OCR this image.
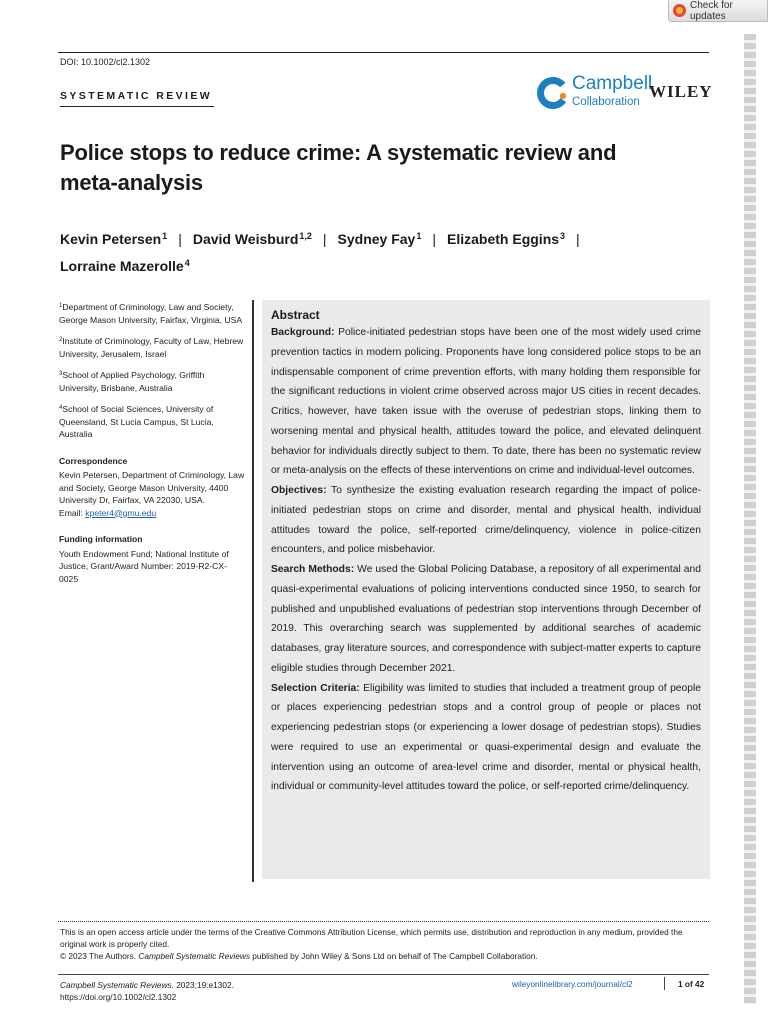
Check for updates
DOI: 10.1002/cl2.1302
SYSTEMATIC REVIEW
Campbell
Collaboration
WILEY
Police stops to reduce crime: A systematic review and meta-analysis
Kevin Petersen$^1$ | David Weisburd$^{1,2}$ | Sydney Fay$^1$ | Elizabeth Eggins$^3$ |
Lorraine Mazerolle$^4$

$^1$Department of Criminology, Law and Society, George Mason University, Fairfax, Virginia, USA

$^2$Institute of Criminology, Faculty of Law, Hebrew University, Jerusalem, Israel

$^3$School of Applied Psychology, Griffith University, Brisbane, Australia

$^4$School of Social Sciences, University of Queensland, St Lucia Campus, St Lucia, Australia

Correspondence

Kevin Petersen, Department of Criminology, Law and Society, George Mason University, 4400 University Dr, Fairfax, VA 22030, USA.
Email: kpeter4@gmu.edu

Funding information

Youth Endowment Fund; National Institute of Justice, Grant/Award Number: 2019-R2-CX-0025

Abstract

Background: Police-initiated pedestrian stops have been one of the most widely used crime prevention tactics in modern policing. Proponents have long considered police stops to be an indispensable component of crime prevention efforts, with many holding them responsible for the significant reductions in violent crime observed across major US cities in recent decades. Critics, however, have taken issue with the overuse of pedestrian stops, linking them to worsening mental and physical health, attitudes toward the police, and elevated delinquent behavior for individuals directly subject to them. To date, there has been no systematic review or meta-analysis on the effects of these interventions on crime and individual-level outcomes.

Objectives: To synthesize the existing evaluation research regarding the impact of police-initiated pedestrian stops on crime and disorder, mental and physical health, individual attitudes toward the police, self-reported crime/delinquency, violence in police-citizen encounters, and police misbehavior.

Search Methods: We used the Global Policing Database, a repository of all experimental and quasi-experimental evaluations of policing interventions conducted since 1950, to search for published and unpublished evaluations of pedestrian stop interventions through December of 2019. This overarching search was supplemented by additional searches of academic databases, gray literature sources, and correspondence with subject-matter experts to capture eligible studies through December 2021.

Selection Criteria: Eligibility was limited to studies that included a treatment group of people or places experiencing pedestrian stops and a control group of people or places not experiencing pedestrian stops (or experiencing a lower dosage of pedestrian stops). Studies were required to use an experimental or quasi-experimental design and evaluate the intervention using an outcome of area-level crime and disorder, mental or physical health, individual or community-level attitudes toward the police, or self-reported crime/delinquency.

This is an open access article under the terms of the Creative Commons Attribution License, which permits use, distribution and reproduction in any medium, provided the original work is properly cited.

© 2023 The Authors. Campbell Systematic Reviews published by John Wiley & Sons Ltd on behalf of The Campbell Collaboration.

Campbell Systematic Reviews. 2023;19:e1302.
https://doi.org/10.1002/cl2.1302
wileyonlinelibrary.com/journal/cl2	1 of 42
